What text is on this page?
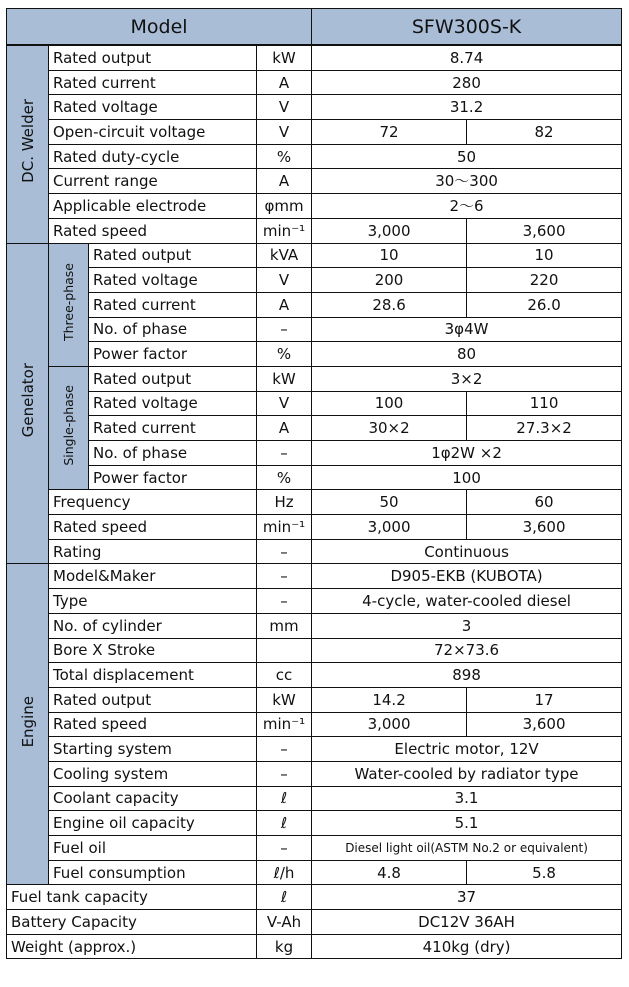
Model				SFW300S-K	
DC. Welder	Rated output		kW	8.74	
	Rated current		A	280	
	Rated voltage		V	31.2	
	Open-circuit voltage		V	72	82
	Rated duty-cycle		%	50	
	Current range		A	30～300	
	Applicable electrode		φmm	2～6	
	Rated speed		min⁻¹	3,000	3,600
Genelator	Three-phase	Rated output	kVA	10	10
		Rated voltage	V	200	220
		Rated current	A	28.6	26.0
		No. of phase	–	3φ4W	
		Power factor	%	80	
	Single-phase	Rated output	kW	3×2	
		Rated voltage	V	100	110
		Rated current	A	30×2	27.3×2
		No. of phase	–	1φ2W ×2	
		Power factor	%	100	
	Frequency		Hz	50	60
	Rated speed		min⁻¹	3,000	3,600
	Rating		–	Continuous	
Engine	Model&Maker		–	D905-EKB (KUBOTA)	
	Type		–	4-cycle, water-cooled diesel	
	No. of cylinder		mm	3	
	Bore X Stroke			72×73.6	
	Total displacement		cc	898	
	Rated output		kW	14.2	17
	Rated speed		min⁻¹	3,000	3,600
	Starting system		–	Electric motor, 12V	
	Cooling system		–	Water-cooled by radiator type	
	Coolant capacity		ℓ	3.1	
	Engine oil capacity		ℓ	5.1	
	Fuel oil		–	Diesel light oil(ASTM No.2 or equivalent)	
	Fuel consumption		ℓ/h	4.8	5.8
Fuel tank capacity			ℓ	37	
Battery Capacity			V-Ah	DC12V 36AH	
Weight (approx.)			kg	410kg (dry)	
